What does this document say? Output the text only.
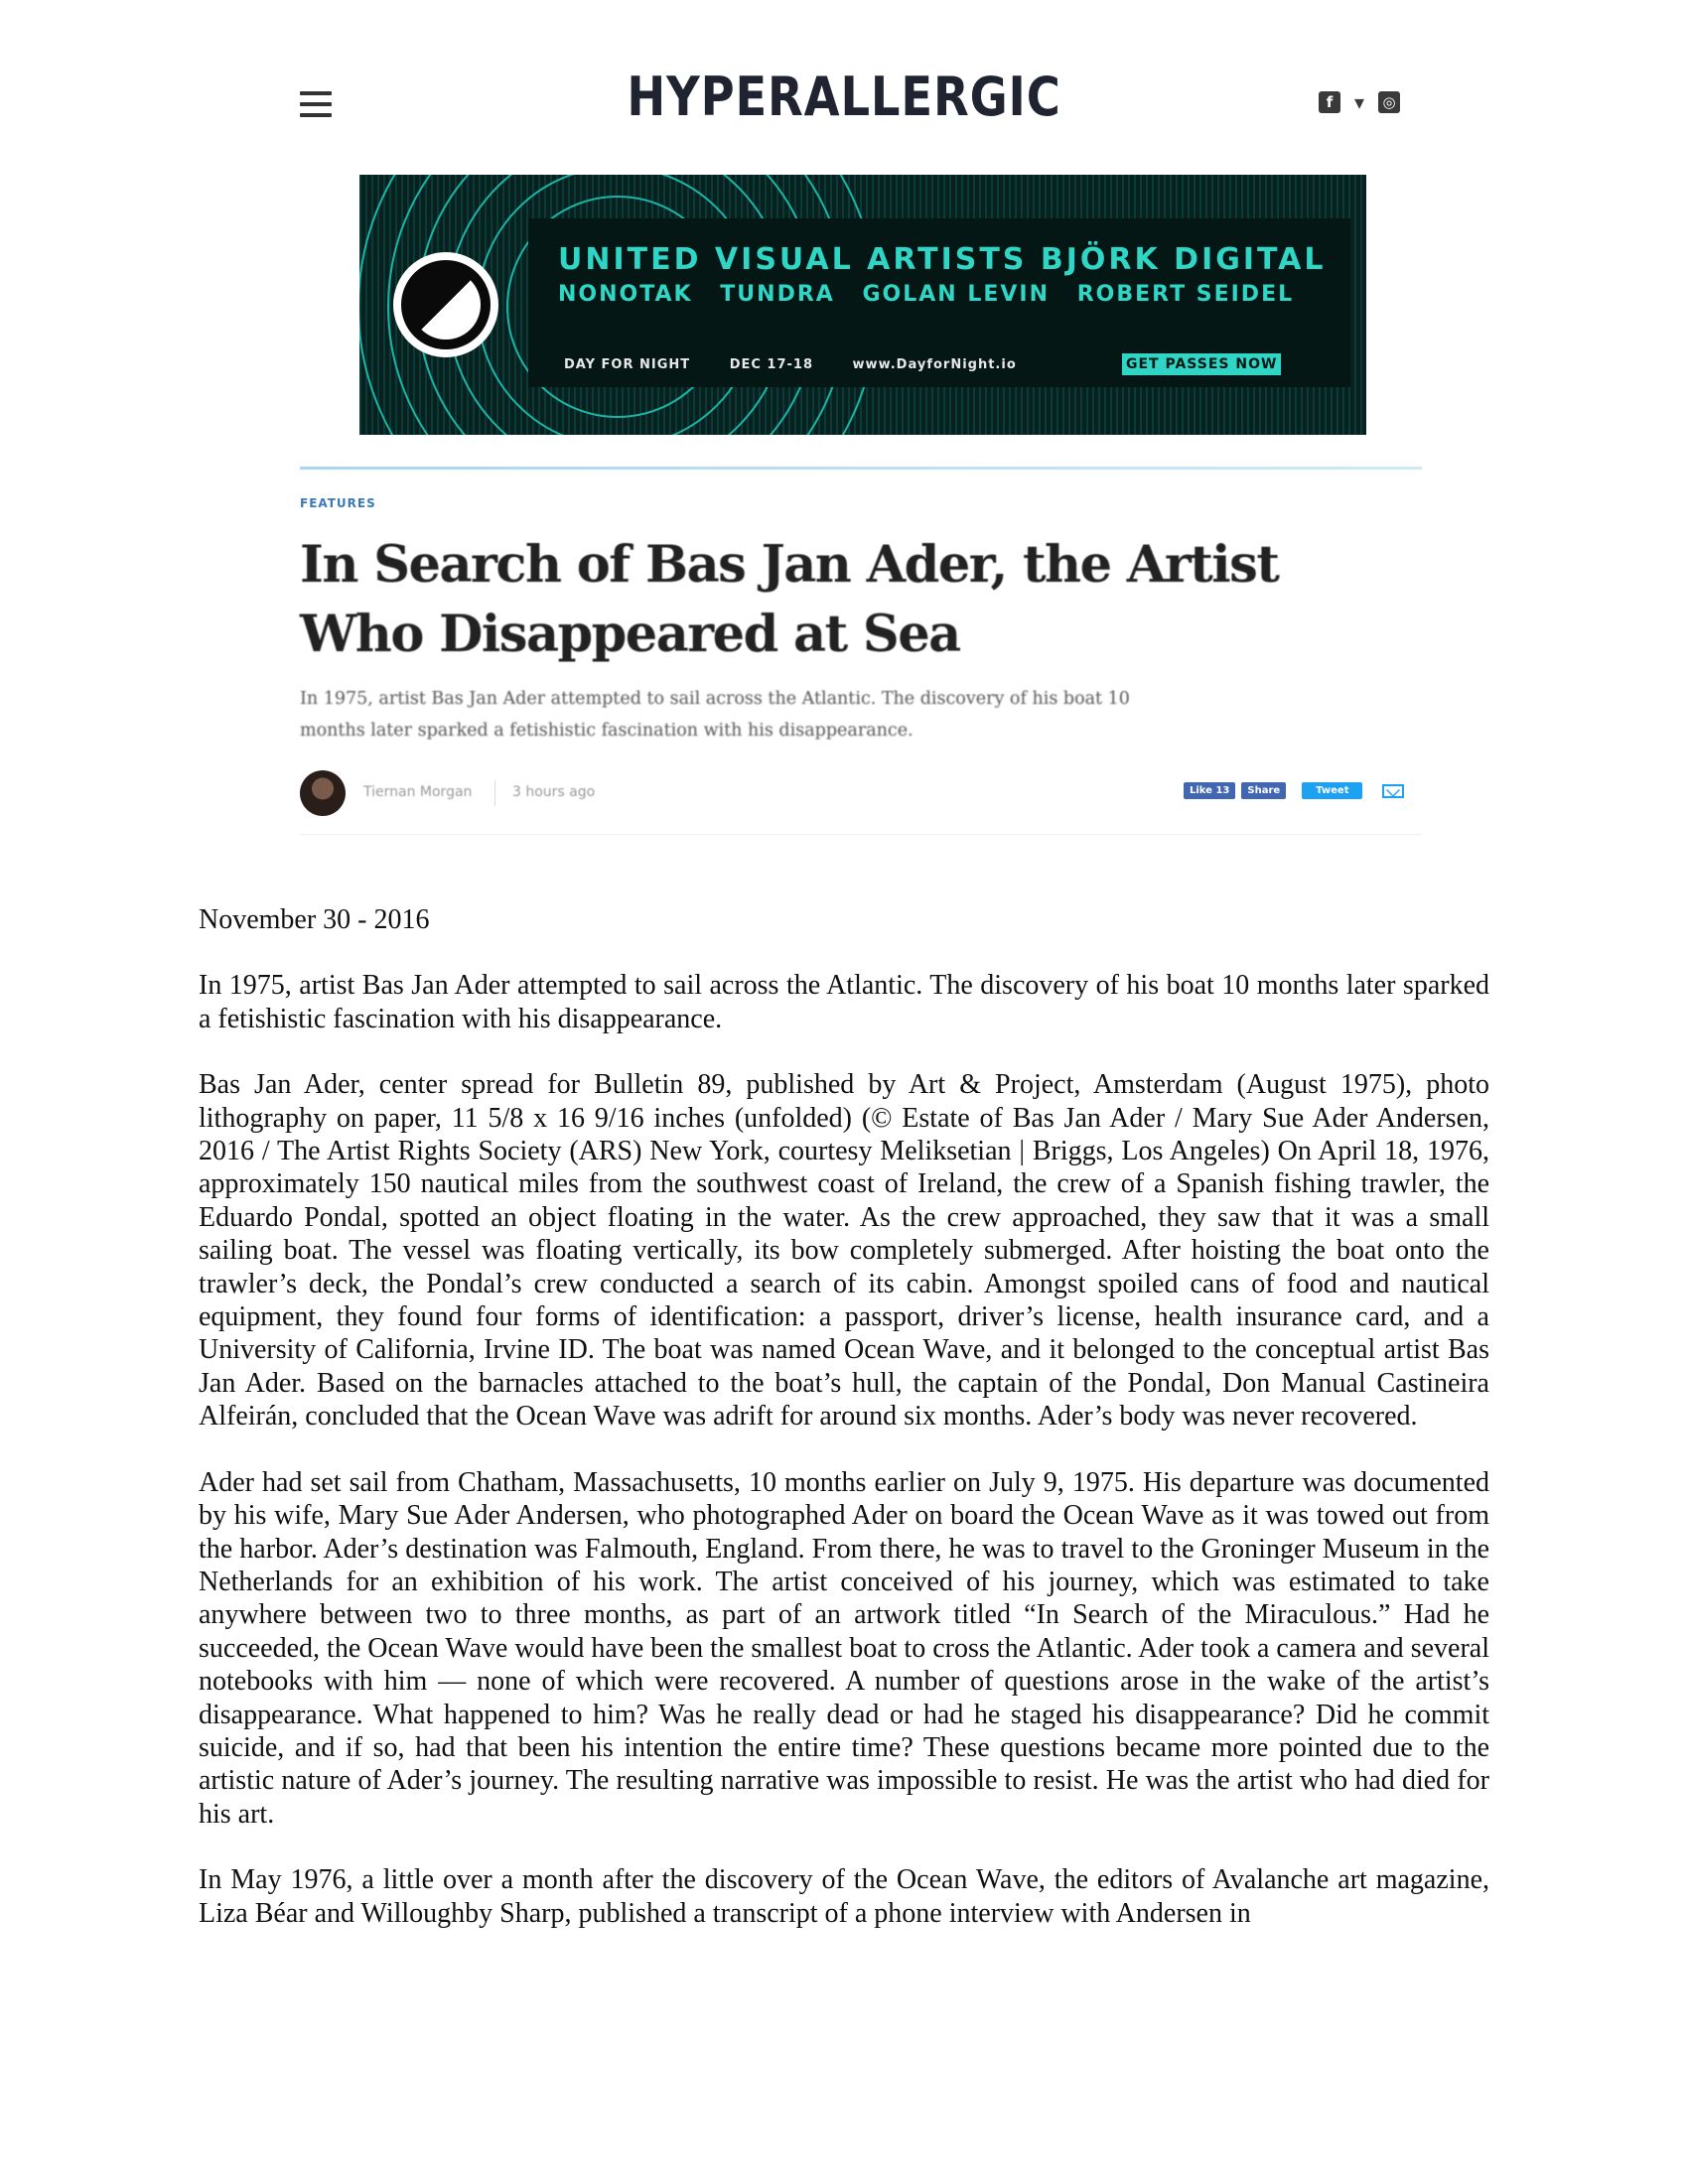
HYPERALLERGIC	f	▾	◎
UNITED VISUAL ARTISTS BJÖRK DIGITAL
NONOTAK TUNDRA GOLAN LEVIN ROBERT SEIDEL
DAY FOR NIGHT	DEC 17-18	www.DayforNight.io	GET PASSES NOW
FEATURES
In Search of Bas Jan Ader, the Artist Who Disappeared at Sea
In 1975, artist Bas Jan Ader attempted to sail across the Atlantic. The discovery of his boat 10 months later sparked a fetishistic fascination with his disappearance.
Tiernan Morgan	3 hours ago	Like 13	Share	Tweet

November 30 - 2016

In 1975, artist Bas Jan Ader attempted to sail across the Atlantic. The discovery of his boat 10 months later sparked a fetishistic fascination with his disappearance.

Bas Jan Ader, center spread for Bulletin 89, published by Art & Project, Amsterdam (August 1975), photo lithography on paper, 11 5/8 x 16 9/16 inches (unfolded) (© Estate of Bas Jan Ader / Mary Sue Ader Andersen, 2016 / The Artist Rights Society (ARS) New York, courtesy Meliksetian | Briggs, Los Angeles) On April 18, 1976, approximately 150 nautical miles from the southwest coast of Ireland, the crew of a Spanish fishing trawler, the Eduardo Pondal, spotted an object floating in the water. As the crew approached, they saw that it was a small sailing boat. The vessel was floating vertically, its bow completely submerged. After hoisting the boat onto the trawler’s deck, the Pondal’s crew conducted a search of its cabin. Amongst spoiled cans of food and nautical equipment, they found four forms of identification: a passport, driver’s license, health insurance card, and a University of California, Irvine ID. The boat was named Ocean Wave, and it belonged to the conceptual artist Bas Jan Ader. Based on the barnacles attached to the boat’s hull, the captain of the Pondal, Don Manual Castineira Alfeirán, concluded that the Ocean Wave was adrift for around six months. Ader’s body was never recovered.

Ader had set sail from Chatham, Massachusetts, 10 months earlier on July 9, 1975. His departure was documented by his wife, Mary Sue Ader Andersen, who photographed Ader on board the Ocean Wave as it was towed out from the harbor. Ader’s destination was Falmouth, England. From there, he was to travel to the Groninger Museum in the Netherlands for an exhibition of his work. The artist conceived of his journey, which was estimated to take anywhere between two to three months, as part of an artwork titled “In Search of the Miraculous.” Had he succeeded, the Ocean Wave would have been the smallest boat to cross the Atlantic. Ader took a camera and several notebooks with him — none of which were recovered. A number of questions arose in the wake of the artist’s disappearance. What happened to him? Was he really dead or had he staged his disappearance? Did he commit suicide, and if so, had that been his intention the entire time? These questions became more pointed due to the artistic nature of Ader’s journey. The resulting narrative was impossible to resist. He was the artist who had died for his art.

In May 1976, a little over a month after the discovery of the Ocean Wave, the editors of Avalanche art magazine, Liza Béar and Willoughby Sharp, published a transcript of a phone interview with Andersen in
